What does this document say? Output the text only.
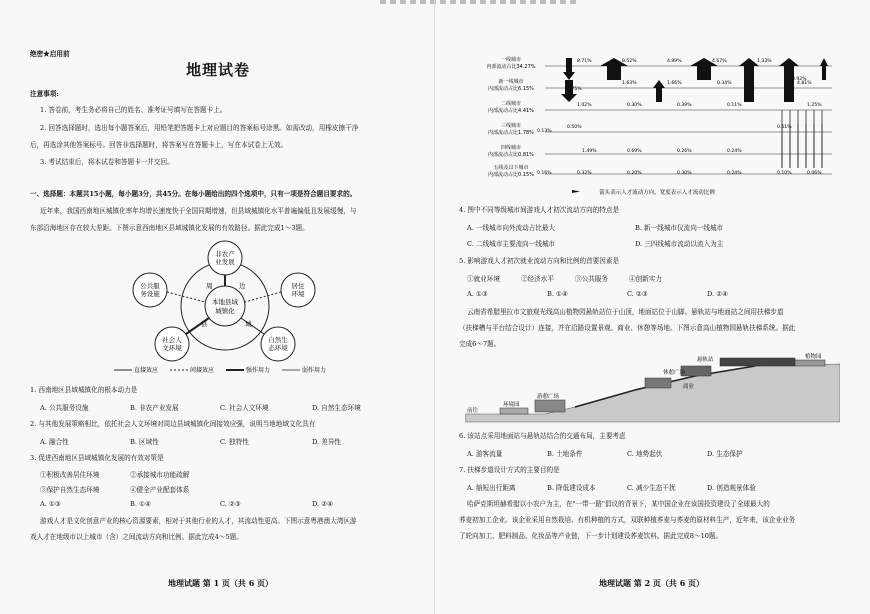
绝密★启用前
地理试卷
注意事项:
1. 答卷前，考生务必将自己的姓名、准考证号填写在答题卡上。
2. 回答选择题时，选出每小题答案后，用铅笔把答题卡上对应题目的答案标号涂黑。如需改动，用橡皮擦干净
后，再选涂其他答案标号。回答非选择题时，将答案写在答题卡上，写在本试卷上无效。
3. 考试结束后，将本试卷和答题卡一并交回。
一、选择题：本题共15小题，每小题3分，共45分。在每小题给出的四个选项中，只有一项是符合题目要求的。
近年来，我国西南地区城镇化率年均增长速度快于全国同期增速，但县域城镇化水平普遍偏低且发展缓慢，与
东部沿海地区存在较大差距。下图示意西南地区县域城镇化发展的有效路径。据此完成1～3题。
非农产
业发展
公共服
务设施
居住
环境
社会人
文环境
自然生
态环境
本地县域
城镇化
周	边
县	城
直接效应	间接效应	强作用力	弱作用力
1. 西南地区县域城镇化的根本动力是
A. 公共服务设施	B. 非农产业发展	C. 社会人文环境	D. 自然生态环境
2. 与其他发展策略相比，依托社会人文环境对周边县域城镇化间接效应强，说明当地地域文化具有
A. 融合性	B. 区域性	C. 独特性	D. 差异性
3. 促进西南地区县域城镇化发展的有效对策是
①积极改善居住环境	②承接城市功能疏解
③保护自然生态环境	④健全产业配套体系
A. ①③	B. ①④	C. ②③	D. ②④
游戏人才是文化创意产业的核心资源要素，相对于其他行业的人才，其流动性更高。下图示意粤港澳大湾区游
戏人才在地级市以上城市（含）之间流动方向和比例。据此完成4～5题。
地理试题 第 1 页（共 6 页）
一线城市
内部流动占比34.27%
新一线城市
内部流动占比6.15%
二线城市
内部流动占比4.41%
三线城市
内部流动占比1.78%
四线城市
内部流动占比0.81%
五线及以下城市
内部流动占比0.15%
8.71%	8.52%	4.99%	4.67%	1.33%
3.92%
1.75%
1.63%	1.66%	0.34%	4.81%
1.25%
1.02%	0.30%	0.39%	0.11%
0.61%
0.50%
0.13%
1.49%	0.69%	0.26%	0.24%
0.16%	0.32%	0.20%	0.30%	0.24%	0.10%	0.06%
箭头表示人才流动方向，宽度表示人才流动比例
4. 图中不同等级城市间游戏人才初次流动方向的特点是
A. 一线城市向外流动占比最大	B. 新一线城市仅流向一线城市
C. 二线城市主要流向一线城市	D. 三四线城市流动以流入为主
5. 影响游戏人才初次就业流动方向和比例的首要因素是
①就业环境	②经济水平	③公共服务	④创新实力
A. ①③	B. ①④	C. ②③	D. ②④
云南省希腊里拉市文旅观光线高山植物园悬轨站位于山顶，地面站位于山脚。悬轨站与地面站之间用扶梯步道
（扶梯槽与平台结合设计）连接，并在沿路设置景观、商业、休憩等场地。下图示意高山植物园悬轨扶梯系统。据此
完成6～7题。
悬轨站
休憩广场
植物园
商业
游憩广场
环境园
前往
6. 该站点采用地面站与悬轨站结合的交通布局，主要考虑
A. 游客流量	B. 土地条件	C. 地势起伏	D. 生态保护
7. 扶梯步道设计方式的主要目的是
A. 缩短出行距离	B. 降低建设成本	C. 减少生态干扰	D. 创造观景体验
哈萨克斯坦赫希腊以小农户为主，在"一带一路"倡议的背景下，某中国企业在该国投资建设了全球最大的
荞麦初加工企业。该企业采用自然栽培、有机种植的方式，双联种植荞麦与荞麦的原材料生产，近年来，该企业业务
了轮向加工、肥料制品、化妆品等产业链，下一步计划建设荞麦饮料。据此完成8～10题。
地理试题 第 2 页（共 6 页）
